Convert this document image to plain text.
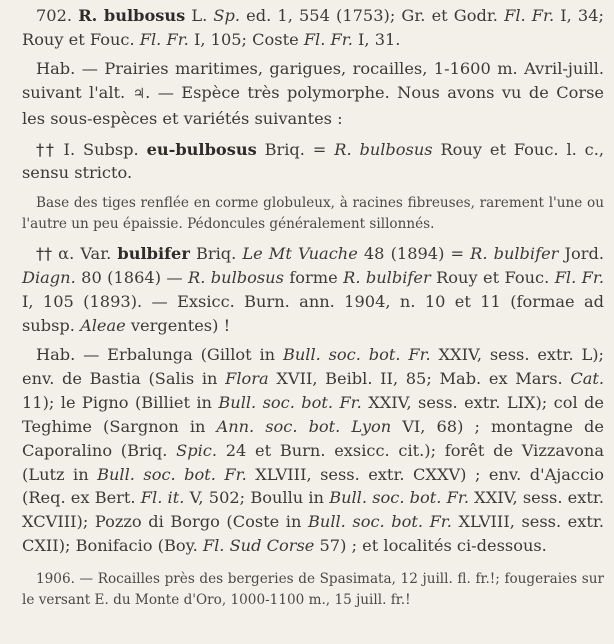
702. R. bulbosus L. Sp. ed. 1, 554 (1753); Gr. et Godr. Fl. Fr. I, 34; Rouy et Fouc. Fl. Fr. I, 105; Coste Fl. Fr. I, 31.

Hab. — Prairies maritimes, garigues, rocailles, 1-1600 m. Avril-juill. suivant l'alt. ♃. — Espèce très polymorphe. Nous avons vu de Corse les sous-espèces et variétés suivantes :

†† I. Subsp. eu-bulbosus Briq. = R. bulbosus Rouy et Fouc. l. c., sensu stricto.

Base des tiges renflée en corme globuleux, à racines fibreuses, rarement l'une ou l'autre un peu épaissie. Pédoncules généralement sillonnés.

†† α. Var. bulbifer Briq. Le Mt Vuache 48 (1894) = R. bulbifer Jord. Diagn. 80 (1864) — R. bulbosus forme R. bulbifer Rouy et Fouc. Fl. Fr. I, 105 (1893). — Exsicc. Burn. ann. 1904, n. 10 et 11 (formae ad subsp. Aleae vergentes) !

Hab. — Erbalunga (Gillot in Bull. soc. bot. Fr. XXIV, sess. extr. L); env. de Bastia (Salis in Flora XVII, Beibl. II, 85; Mab. ex Mars. Cat. 11); le Pigno (Billiet in Bull. soc. bot. Fr. XXIV, sess. extr. LIX); col de Teghime (Sargnon in Ann. soc. bot. Lyon VI, 68) ; montagne de Caporalino (Briq. Spic. 24 et Burn. exsicc. cit.); forêt de Vizzavona (Lutz in Bull. soc. bot. Fr. XLVIII, sess. extr. CXXV) ; env. d'Ajaccio (Req. ex Bert. Fl. it. V, 502; Boullu in Bull. soc. bot. Fr. XXIV, sess. extr. XCVIII); Pozzo di Borgo (Coste in Bull. soc. bot. Fr. XLVIII, sess. extr. CXII); Bonifacio (Boy. Fl. Sud Corse 57) ; et localités ci-dessous.

1906. — Rocailles près des bergeries de Spasimata, 12 juill. fl. fr.!; fougeraies sur le versant E. du Monte d'Oro, 1000-1100 m., 15 juill. fr.!
